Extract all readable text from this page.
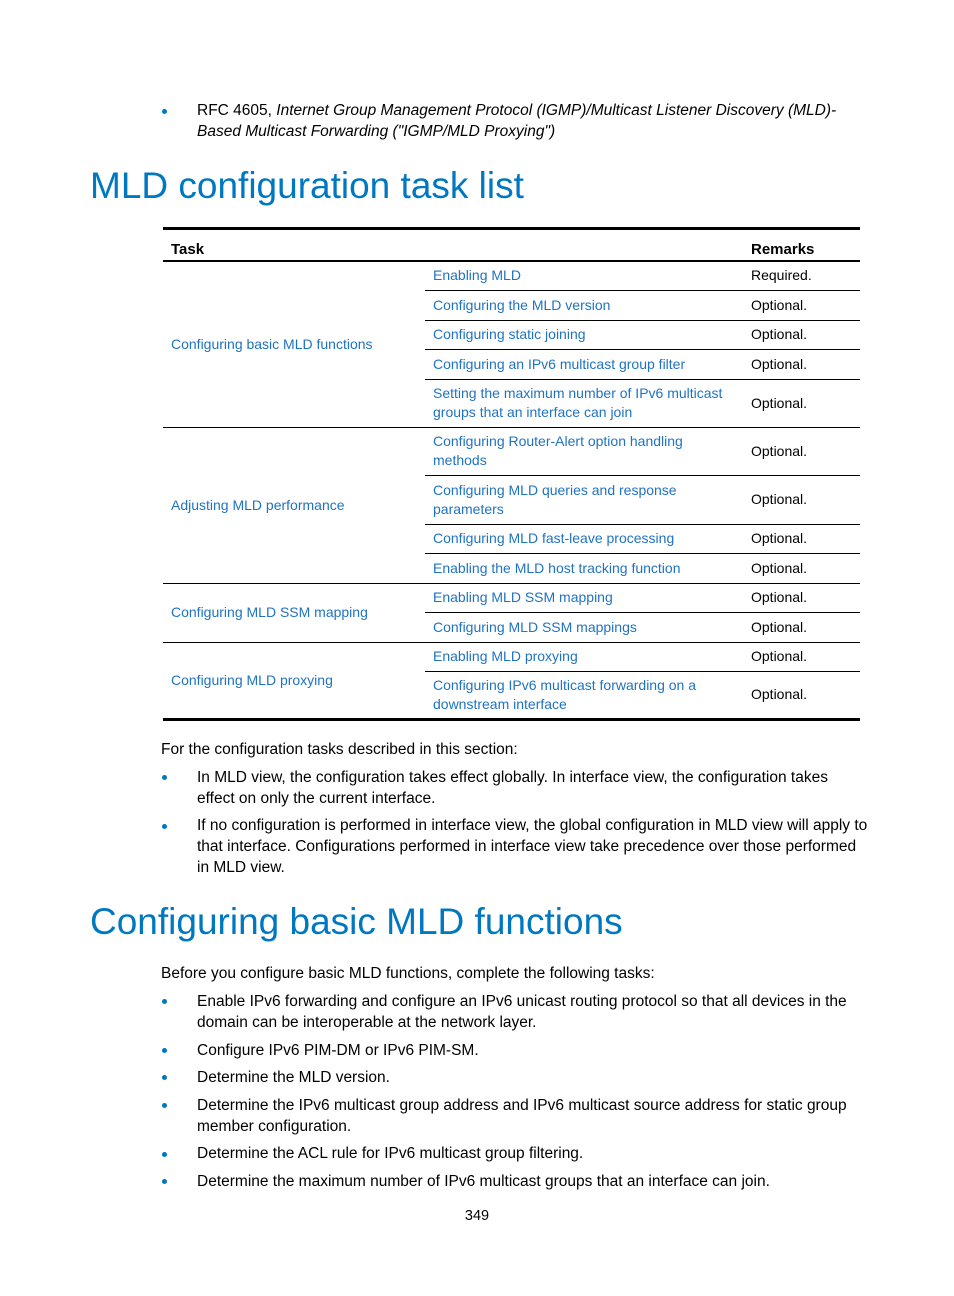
RFC 4605, Internet Group Management Protocol (IGMP)/Multicast Listener Discovery (MLD)-Based Multicast Forwarding ("IGMP/MLD Proxying")
MLD configuration task list
Task		Remarks
Configuring basic MLD functions	Enabling MLD	Required.
	Configuring the MLD version	Optional.
	Configuring static joining	Optional.
	Configuring an IPv6 multicast group filter	Optional.
	Setting the maximum number of IPv6 multicast groups that an interface can join	Optional.
Adjusting MLD performance	Configuring Router-Alert option handling methods	Optional.
	Configuring MLD queries and response parameters	Optional.
	Configuring MLD fast-leave processing	Optional.
	Enabling the MLD host tracking function	Optional.
Configuring MLD SSM mapping	Enabling MLD SSM mapping	Optional.
	Configuring MLD SSM mappings	Optional.
Configuring MLD proxying	Enabling MLD proxying	Optional.
	Configuring IPv6 multicast forwarding on a downstream interface	Optional.
For the configuration tasks described in this section:
In MLD view, the configuration takes effect globally. In interface view, the configuration takes effect on only the current interface.
If no configuration is performed in interface view, the global configuration in MLD view will apply to that interface. Configurations performed in interface view take precedence over those performed in MLD view.
Configuring basic MLD functions
Before you configure basic MLD functions, complete the following tasks:
Enable IPv6 forwarding and configure an IPv6 unicast routing protocol so that all devices in the domain can be interoperable at the network layer.
Configure IPv6 PIM-DM or IPv6 PIM-SM.
Determine the MLD version.
Determine the IPv6 multicast group address and IPv6 multicast source address for static group member configuration.
Determine the ACL rule for IPv6 multicast group filtering.
Determine the maximum number of IPv6 multicast groups that an interface can join.
349
